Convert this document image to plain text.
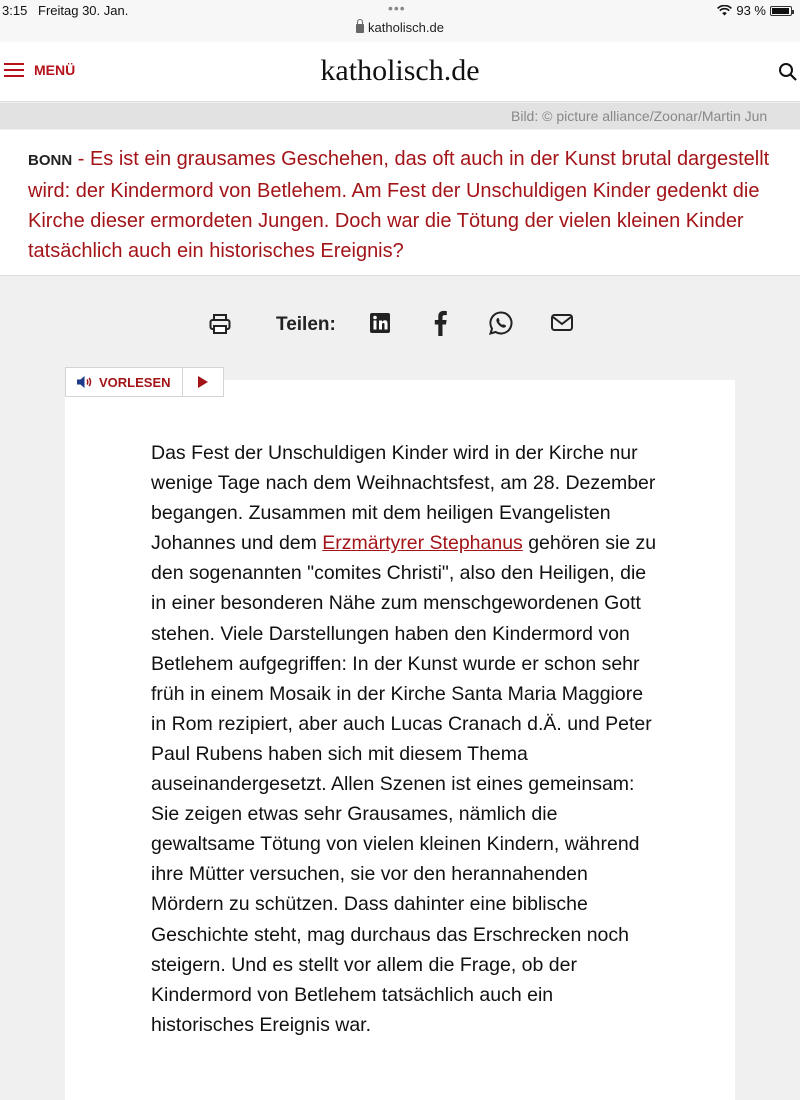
3:15 Freitag 30. Jan.	•••
katholisch.de
93 %
MENÜ	katholisch.de
Bild: © picture alliance/Zoonar/Martin Jun
BONN - Es ist ein grausames Geschehen, das oft auch in der Kunst brutal dargestellt wird: der Kindermord von Betlehem. Am Fest der Unschuldigen Kinder gedenkt die Kirche dieser ermordeten Jungen. Doch war die Tötung der vielen kleinen Kinder tatsächlich auch ein historisches Ereignis?
Teilen:
VORLESEN
Das Fest der Unschuldigen Kinder wird in der Kirche nur wenige Tage nach dem Weihnachtsfest, am 28. Dezember begangen. Zusammen mit dem heiligen Evangelisten Johannes und dem Erzmärtyrer Stephanus gehören sie zu den sogenannten "comites Christi", also den Heiligen, die in einer besonderen Nähe zum menschgewordenen Gott stehen. Viele Darstellungen haben den Kindermord von Betlehem aufgegriffen: In der Kunst wurde er schon sehr früh in einem Mosaik in der Kirche Santa Maria Maggiore in Rom rezipiert, aber auch Lucas Cranach d.Ä. und Peter Paul Rubens haben sich mit diesem Thema auseinandergesetzt. Allen Szenen ist eines gemeinsam: Sie zeigen etwas sehr Grausames, nämlich die gewaltsame Tötung von vielen kleinen Kindern, während ihre Mütter versuchen, sie vor den herannahenden Mördern zu schützen. Dass dahinter eine biblische Geschichte steht, mag durchaus das Erschrecken noch steigern. Und es stellt vor allem die Frage, ob der Kindermord von Betlehem tatsächlich auch ein historisches Ereignis war.
